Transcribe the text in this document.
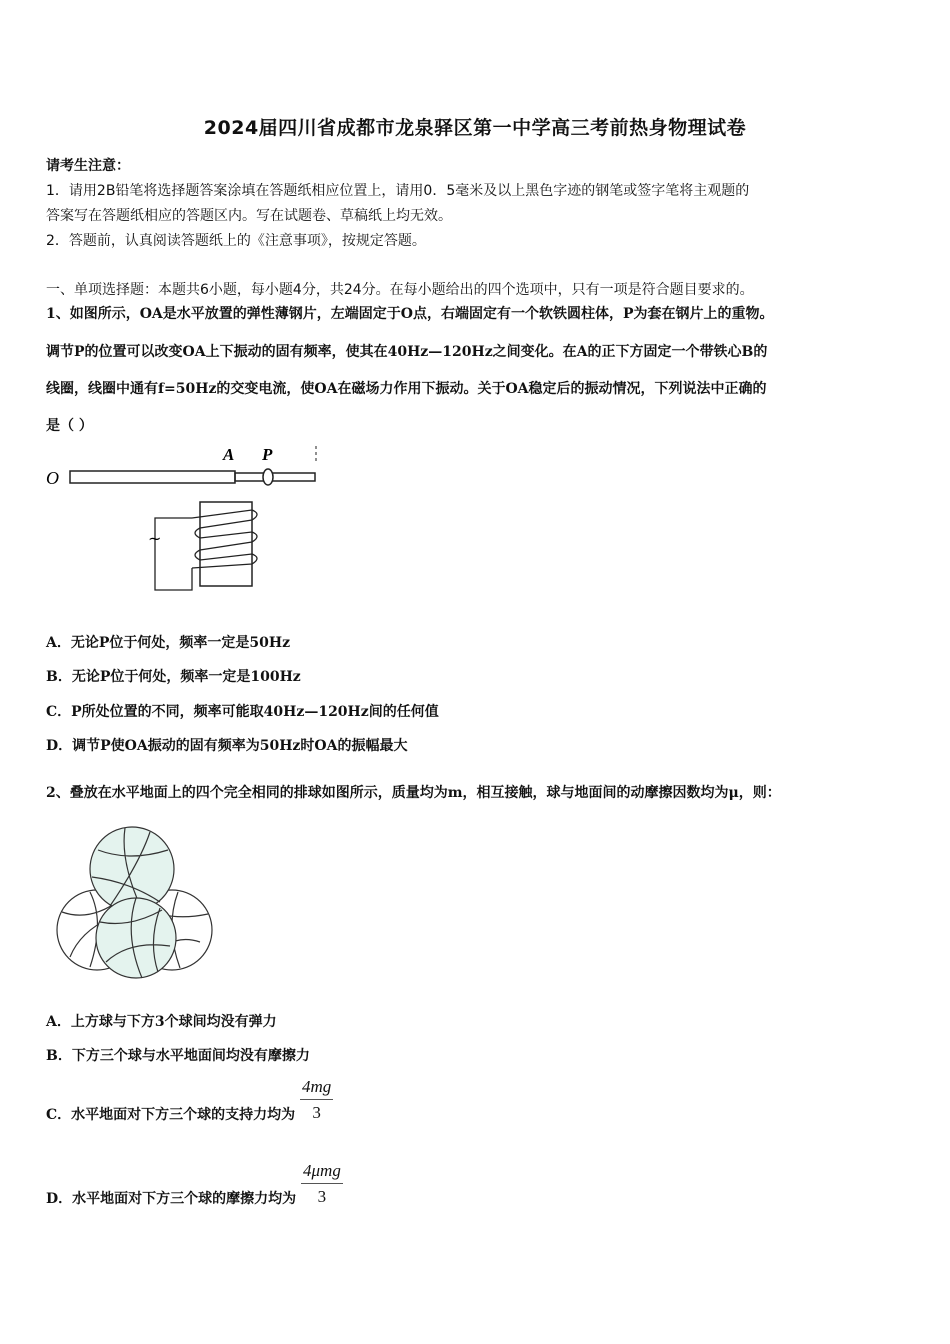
2024届四川省成都市龙泉驿区第一中学高三考前热身物理试卷
请考生注意：
1．请用2B铅笔将选择题答案涂填在答题纸相应位置上，请用0．5毫米及以上黑色字迹的钢笔或签字笔将主观题的
答案写在答题纸相应的答题区内。写在试题卷、草稿纸上均无效。
2．答题前，认真阅读答题纸上的《注意事项》，按规定答题。
一、单项选择题：本题共6小题，每小题4分，共24分。在每小题给出的四个选项中，只有一项是符合题目要求的。
1、如图所示，OA是水平放置的弹性薄钢片，左端固定于O点，右端固定有一个软铁圆柱体，P为套在钢片上的重物。
调节P的位置可以改变OA上下振动的固有频率，使其在40Hz—120Hz之间变化。在A的正下方固定一个带铁心B的
线圈，线圈中通有f=50Hz的交变电流，使OA在磁场力作用下振动。关于OA稳定后的振动情况，下列说法中正确的
是（ ）
O
A P
~
A．无论P位于何处，频率一定是50Hz
B．无论P位于何处，频率一定是100Hz
C．P所处位置的不同，频率可能取40Hz—120Hz间的任何值
D．调节P使OA振动的固有频率为50Hz时OA的振幅最大
2、叠放在水平地面上的四个完全相同的排球如图所示，质量均为m，相互接触，球与地面间的动摩擦因数均为μ，则：
A．上方球与下方3个球间均没有弹力
B．下方三个球与水平地面间均没有摩擦力
C．水平地面对下方三个球的支持力均为 $\frac{4mg}{3}$
D．水平地面对下方三个球的摩擦力均为 $\frac{\text{4μmg}}{3}$
